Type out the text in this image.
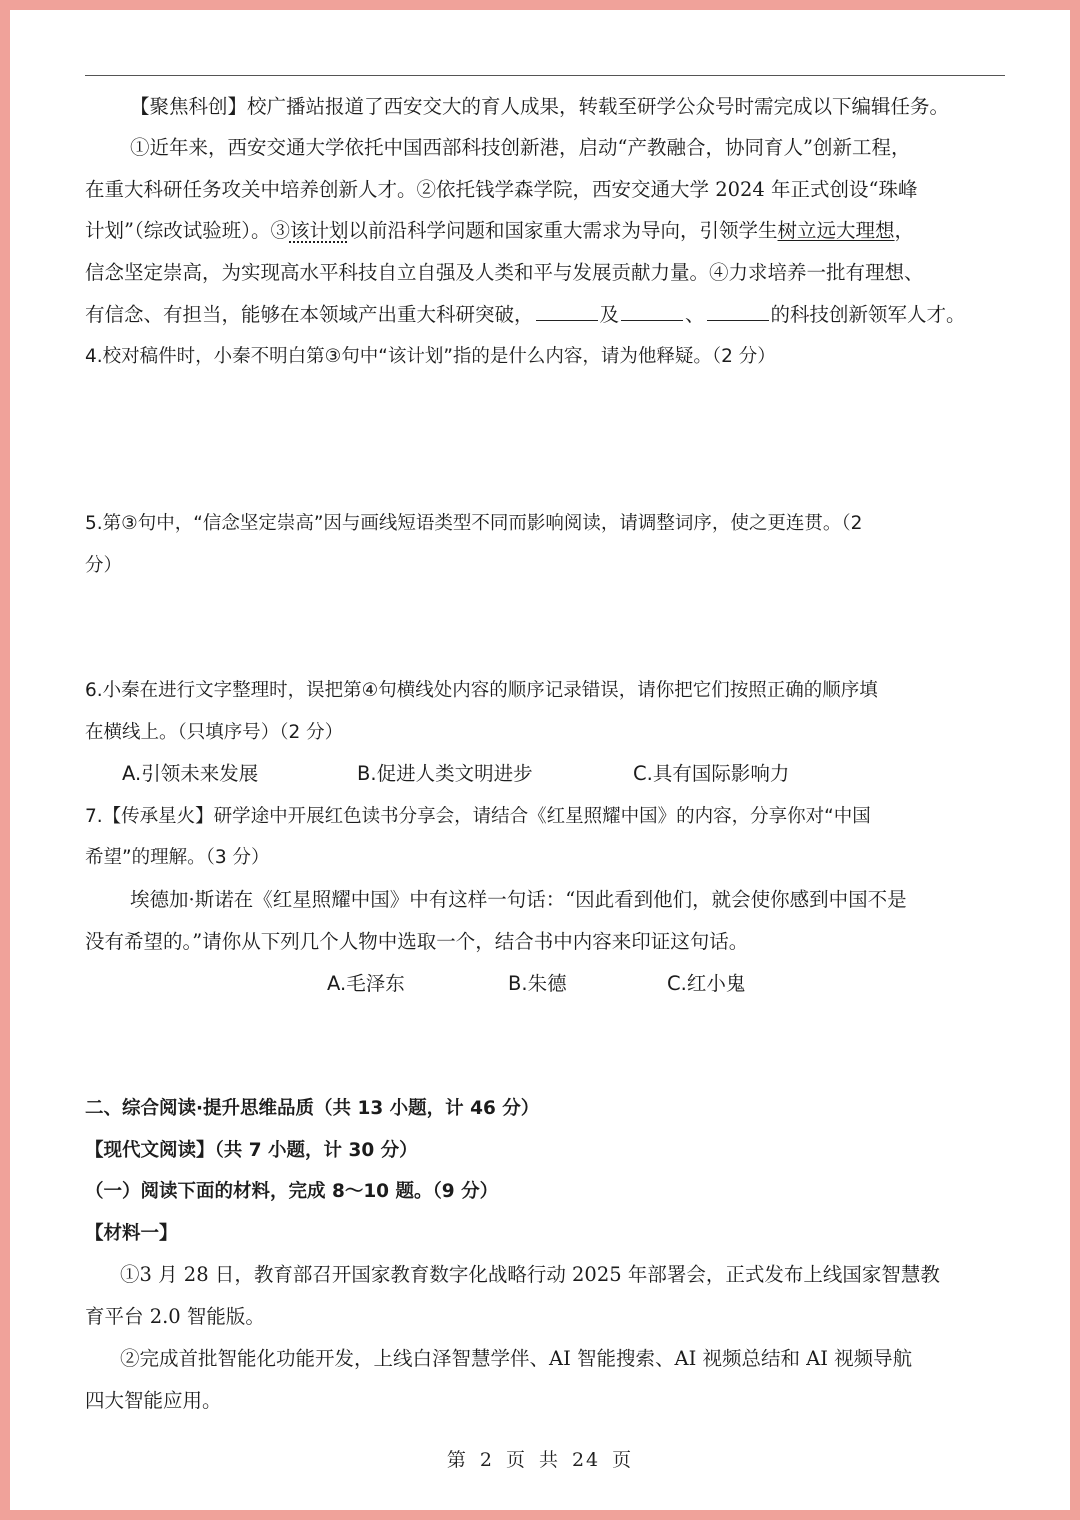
【聚焦科创】校广播站报道了西安交大的育人成果，转载至研学公众号时需完成以下编辑任务。
①近年来，西安交通大学依托中国西部科技创新港，启动“产教融合，协同育人”创新工程，
在重大科研任务攻关中培养创新人才。②依托钱学森学院，西安交通大学 2024 年正式创设“珠峰
计划”（综改试验班）。③该计划以前沿科学问题和国家重大需求为导向，引领学生树立远大理想，
信念坚定崇高，为实现高水平科技自立自强及人类和平与发展贡献力量。④力求培养一批有理想、
有信念、有担当，能够在本领域产出重大科研突破，	及	、	的科技创新领军人才。
4.校对稿件时，小秦不明白第③句中“该计划”指的是什么内容，请为他释疑。（2 分）
5.第③句中，“信念坚定崇高”因与画线短语类型不同而影响阅读，请调整词序，使之更连贯。（2
分）
6.小秦在进行文字整理时，误把第④句横线处内容的顺序记录错误，请你把它们按照正确的顺序填
在横线上。（只填序号）（2 分）
A.引领未来发展	B.促进人类文明进步	C.具有国际影响力
7.【传承星火】研学途中开展红色读书分享会，请结合《红星照耀中国》的内容，分享你对“中国
希望”的理解。（3 分）
埃德加·斯诺在《红星照耀中国》中有这样一句话：“因此看到他们，就会使你感到中国不是
没有希望的。”请你从下列几个人物中选取一个，结合书中内容来印证这句话。
A.毛泽东	B.朱德	C.红小鬼
二、综合阅读·提升思维品质（共 13 小题，计 46 分）
【现代文阅读】（共 7 小题，计 30 分）
（一）阅读下面的材料，完成 8～10 题。（9 分）
【材料一】
①3 月 28 日，教育部召开国家教育数字化战略行动 2025 年部署会，正式发布上线国家智慧教
育平台 2.0 智能版。
②完成首批智能化功能开发，上线白泽智慧学伴、AI 智能搜索、AI 视频总结和 AI 视频导航
四大智能应用。
第 2 页 共 24 页
